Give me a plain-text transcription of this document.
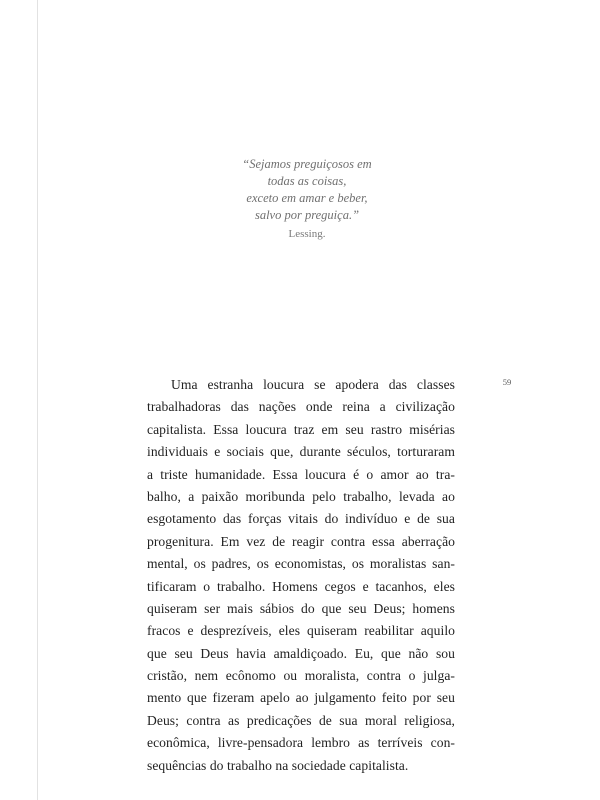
“Sejamos preguiçosos em
todas as coisas,
exceto em amar e beber,
salvo por preguiça.”
Lessing.
59
Uma estranha loucura se apodera das classes
trabalhadoras das nações onde reina a civilização
capitalista. Essa loucura traz em seu rastro misérias
individuais e sociais que, durante séculos, torturaram
a triste humanidade. Essa loucura é o amor ao tra-
balho, a paixão moribunda pelo trabalho, levada ao
esgotamento das forças vitais do indivíduo e de sua
progenitura. Em vez de reagir contra essa aberração
mental, os padres, os economistas, os moralistas san-
tificaram o trabalho. Homens cegos e tacanhos, eles
quiseram ser mais sábios do que seu Deus; homens
fracos e desprezíveis, eles quiseram reabilitar aquilo
que seu Deus havia amaldiçoado. Eu, que não sou
cristão, nem ecônomo ou moralista, contra o julga-
mento que fizeram apelo ao julgamento feito por seu
Deus; contra as predicações de sua moral religiosa,
econômica, livre-pensadora lembro as terríveis con-
sequências do trabalho na sociedade capitalista.
